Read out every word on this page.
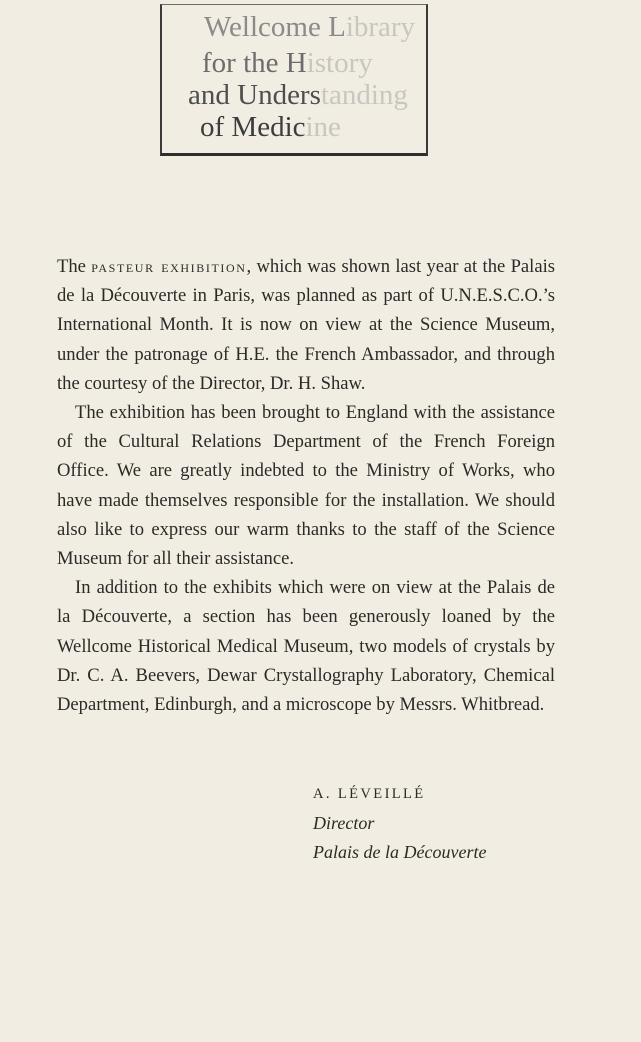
Wellcome Library
for the History
and Understanding
of Medicine

The pasteur exhibition, which was shown last year at the Palais de la Découverte in Paris, was planned as part of U.N.E.S.C.O.’s International Month. It is now on view at the Science Museum, under the patronage of H.E. the French Ambassador, and through the courtesy of the Director, Dr. H. Shaw.

The exhibition has been brought to England with the assistance of the Cultural Relations Department of the French Foreign Office. We are greatly indebted to the Ministry of Works, who have made themselves responsible for the installation. We should also like to express our warm thanks to the staff of the Science Museum for all their assistance.

In addition to the exhibits which were on view at the Palais de la Découverte, a section has been generously loaned by the Wellcome Historical Medical Museum, two models of crystals by Dr. C. A. Beevers, Dewar Crystallography Laboratory, Chemical Department, Edinburgh, and a microscope by Messrs. Whitbread.

A. LÉVEILLÉ
Director
Palais de la Découverte
